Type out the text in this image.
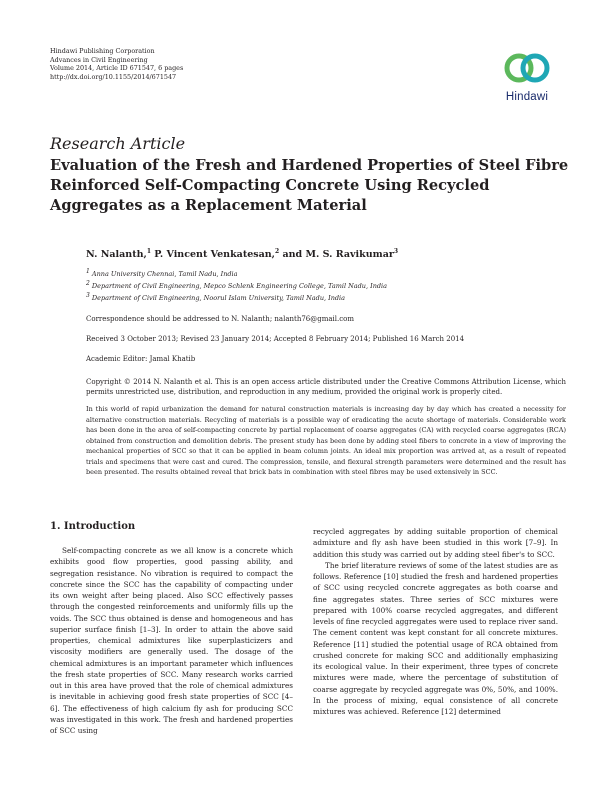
Hindawi Publishing Corporation
Advances in Civil Engineering
Volume 2014, Article ID 671547, 6 pages
http://dx.doi.org/10.1155/2014/671547
Hindawi
Research Article
Evaluation of the Fresh and Hardened Properties of Steel Fibre Reinforced Self-Compacting Concrete Using Recycled Aggregates as a Replacement Material
N. Nalanth,$^1$ P. Vincent Venkatesan,$^2$ and M. S. Ravikumar$^3$
$^1$ Anna University Chennai, Tamil Nadu, India
$^2$ Department of Civil Engineering, Mepco Schlenk Engineering College, Tamil Nadu, India
$^3$ Department of Civil Engineering, Noorul Islam University, Tamil Nadu, India
Correspondence should be addressed to N. Nalanth; nalanth76@gmail.com
Received 3 October 2013; Revised 23 January 2014; Accepted 8 February 2014; Published 16 March 2014
Academic Editor: Jamal Khatib
Copyright © 2014 N. Nalanth et al. This is an open access article distributed under the Creative Commons Attribution License, which permits unrestricted use, distribution, and reproduction in any medium, provided the original work is properly cited.
In this world of rapid urbanization the demand for natural construction materials is increasing day by day which has created a necessity for alternative construction materials. Recycling of materials is a possible way of eradicating the acute shortage of materials. Considerable work has been done in the area of self-compacting concrete by partial replacement of coarse aggregates (CA) with recycled coarse aggregates (RCA) obtained from construction and demolition debris. The present study has been done by adding steel fibers to concrete in a view of improving the mechanical properties of SCC so that it can be applied in beam column joints. An ideal mix proportion was arrived at, as a result of repeated trials and specimens that were cast and cured. The compression, tensile, and flexural strength parameters were determined and the result has been presented. The results obtained reveal that brick bats in combination with steel fibres may be used extensively in SCC.
1. Introduction

Self-compacting concrete as we all know is a concrete which exhibits good flow properties, good passing ability, and segregation resistance. No vibration is required to compact the concrete since the SCC has the capability of compacting under its own weight after being placed. Also SCC effectively passes through the congested reinforcements and uniformly fills up the voids. The SCC thus obtained is dense and homogeneous and has superior surface finish [1–3]. In order to attain the above said properties, chemical admixtures like superplasticizers and viscosity modifiers are generally used. The dosage of the chemical admixtures is an important parameter which influences the fresh state properties of SCC. Many research works carried out in this area have proved that the role of chemical admixtures is inevitable in achieving good fresh state properties of SCC [4–6]. The effectiveness of high calcium fly ash for producing SCC was investigated in this work. The fresh and hardened properties of SCC using

recycled aggregates by adding suitable proportion of chemical admixture and fly ash have been studied in this work [7–9]. In addition this study was carried out by adding steel fiber's to SCC.

The brief literature reviews of some of the latest studies are as follows. Reference [10] studied the fresh and hardened properties of SCC using recycled concrete aggregates as both coarse and fine aggregates states. Three series of SCC mixtures were prepared with 100% coarse recycled aggregates, and different levels of fine recycled aggregates were used to replace river sand. The cement content was kept constant for all concrete mixtures. Reference [11] studied the potential usage of RCA obtained from crushed concrete for making SCC and additionally emphasizing its ecological value. In their experiment, three types of concrete mixtures were made, where the percentage of substitution of coarse aggregate by recycled aggregate was 0%, 50%, and 100%. In the process of mixing, equal consistence of all concrete mixtures was achieved. Reference [12] determined
